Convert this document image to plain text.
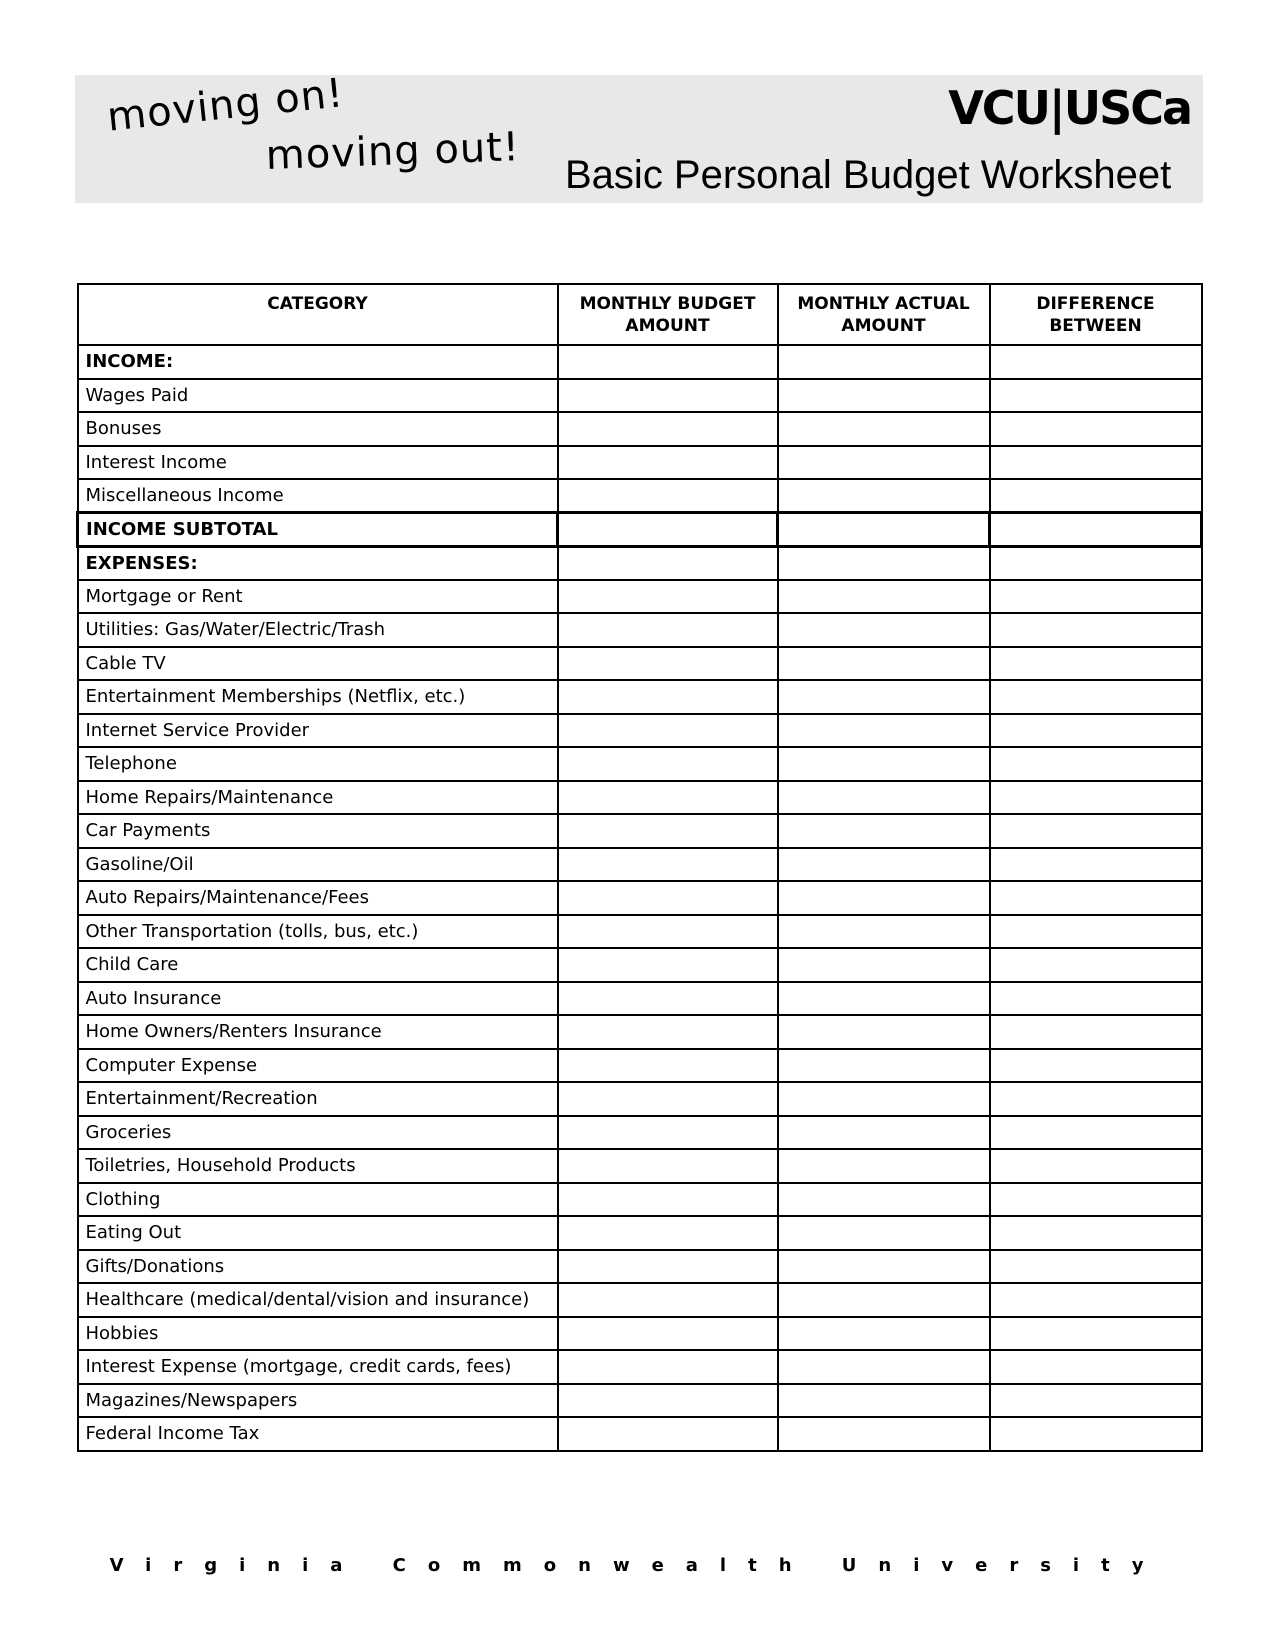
moving on!
moving out!
VCU|USCa
Basic Personal Budget Worksheet
CATEGORY	MONTHLY BUDGET AMOUNT	MONTHLY ACTUAL AMOUNT	DIFFERENCE BETWEEN
INCOME:			
Wages Paid			
Bonuses			
Interest Income			
Miscellaneous Income			
INCOME SUBTOTAL			
EXPENSES:			
Mortgage or Rent			
Utilities: Gas/Water/Electric/Trash			
Cable TV			
Entertainment Memberships (Netflix, etc.)			
Internet Service Provider			
Telephone			
Home Repairs/Maintenance			
Car Payments			
Gasoline/Oil			
Auto Repairs/Maintenance/Fees			
Other Transportation (tolls, bus, etc.)			
Child Care			
Auto Insurance			
Home Owners/Renters Insurance			
Computer Expense			
Entertainment/Recreation			
Groceries			
Toiletries, Household Products			
Clothing			
Eating Out			
Gifts/Donations			
Healthcare (medical/dental/vision and insurance)			
Hobbies			
Interest Expense (mortgage, credit cards, fees)			
Magazines/Newspapers			
Federal Income Tax			
Virginia Commonwealth University
